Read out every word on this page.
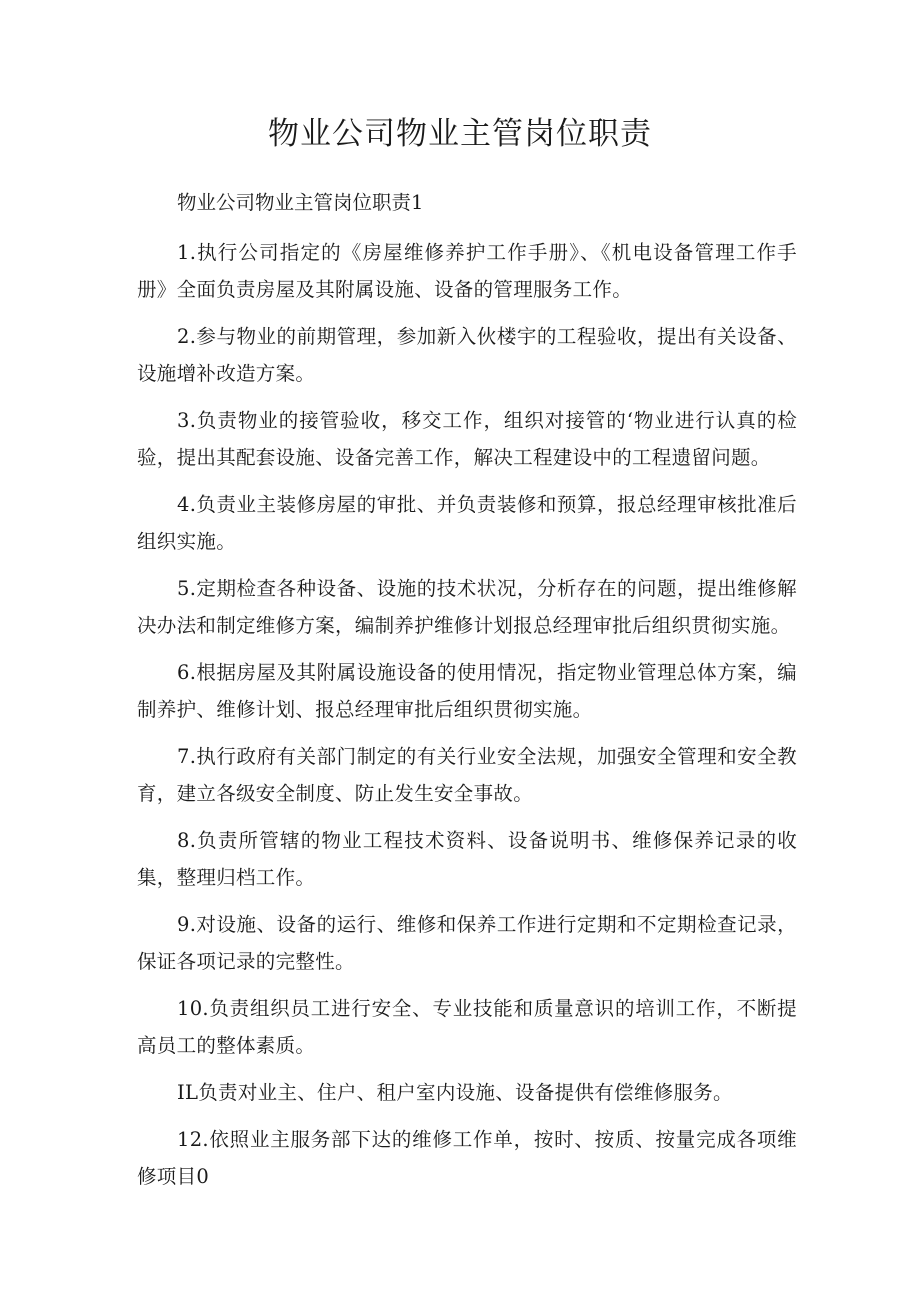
物业公司物业主管岗位职责

物业公司物业主管岗位职责1

1.执行公司指定的《房屋维修养护工作手册》、《机电设备管理工作手册》全面负责房屋及其附属设施、设备的管理服务工作。

2.参与物业的前期管理，参加新入伙楼宇的工程验收，提出有关设备、设施增补改造方案。

3.负责物业的接管验收，移交工作，组织对接管的‘物业进行认真的检验，提出其配套设施、设备完善工作，解决工程建设中的工程遗留问题。

4.负责业主装修房屋的审批、并负责装修和预算，报总经理审核批准后组织实施。

5.定期检查各种设备、设施的技术状况，分析存在的问题，提出维修解决办法和制定维修方案，编制养护维修计划报总经理审批后组织贯彻实施。

6.根据房屋及其附属设施设备的使用情况，指定物业管理总体方案，编制养护、维修计划、报总经理审批后组织贯彻实施。

7.执行政府有关部门制定的有关行业安全法规，加强安全管理和安全教育，建立各级安全制度、防止发生安全事故。

8.负责所管辖的物业工程技术资料、设备说明书、维修保养记录的收集，整理归档工作。

9.对设施、设备的运行、维修和保养工作进行定期和不定期检查记录，保证各项记录的完整性。

10.负责组织员工进行安全、专业技能和质量意识的培训工作，不断提高员工的整体素质。

IL负责对业主、住户、租户室内设施、设备提供有偿维修服务。

12.依照业主服务部下达的维修工作单，按时、按质、按量完成各项维修项目0
